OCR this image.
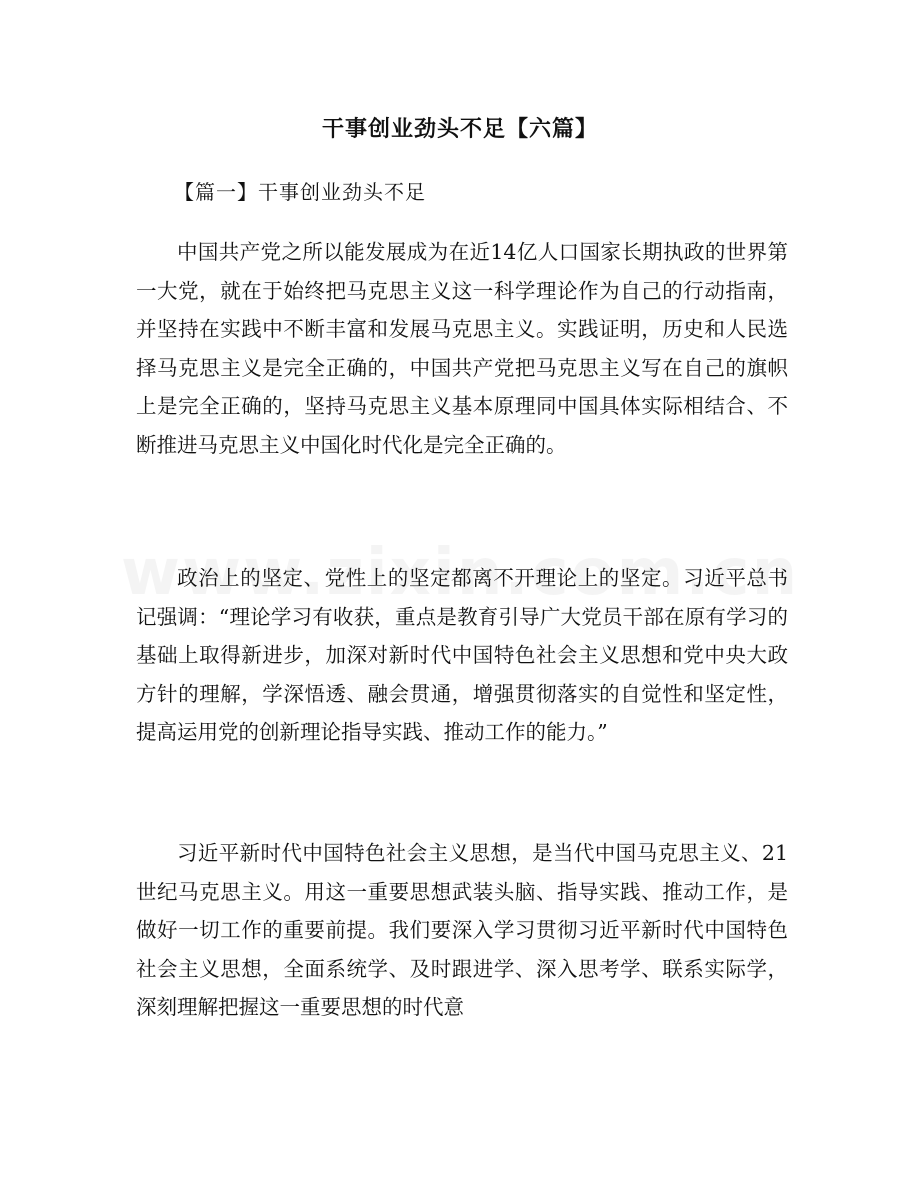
干事创业劲头不足【六篇】

【篇一】干事创业劲头不足

中国共产党之所以能发展成为在近14亿人口国家长期执政的世界第一大党，就在于始终把马克思主义这一科学理论作为自己的行动指南，并坚持在实践中不断丰富和发展马克思主义。实践证明，历史和人民选择马克思主义是完全正确的，中国共产党把马克思主义写在自己的旗帜上是完全正确的，坚持马克思主义基本原理同中国具体实际相结合、不断推进马克思主义中国化时代化是完全正确的。

政治上的坚定、党性上的坚定都离不开理论上的坚定。习近平总书记强调：“理论学习有收获，重点是教育引导广大党员干部在原有学习的基础上取得新进步，加深对新时代中国特色社会主义思想和党中央大政方针的理解，学深悟透、融会贯通，增强贯彻落实的自觉性和坚定性，提高运用党的创新理论指导实践、推动工作的能力。”

习近平新时代中国特色社会主义思想，是当代中国马克思主义、21世纪马克思主义。用这一重要思想武装头脑、指导实践、推动工作，是做好一切工作的重要前提。我们要深入学习贯彻习近平新时代中国特色社会主义思想，全面系统学、及时跟进学、深入思考学、联系实际学，深刻理解把握这一重要思想的时代意
